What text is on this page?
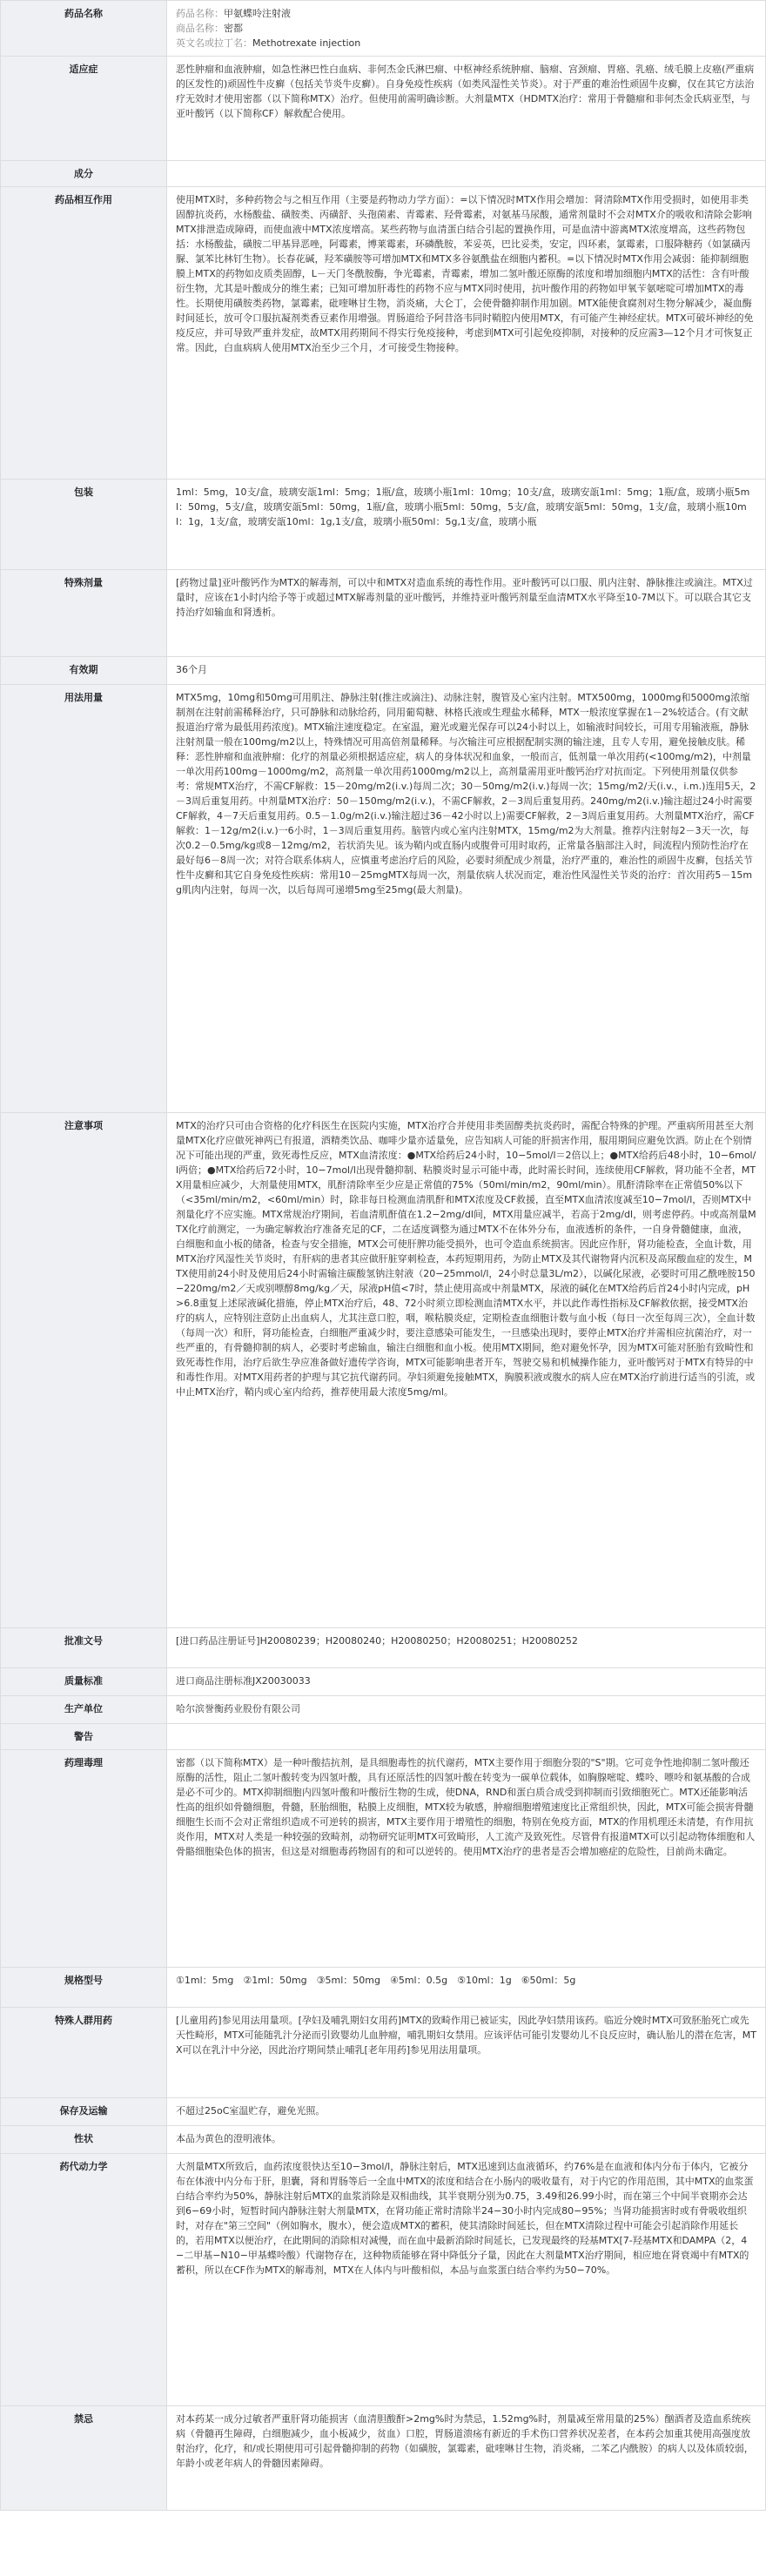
药品名称	药品名称：甲氨蝶呤注射液
商品名称：密都
英文名或拉丁名：Methotrexate injection

适应症	恶性肿瘤和血液肿瘤，如急性淋巴性白血病、非何杰金氏淋巴瘤、中枢神经系统肿瘤、脑瘤、宫颈瘤、胃癌、乳癌、绒毛膜上皮癌(严重病的区发性的)顽固性牛皮癣（包括关节炎牛皮癣）。自身免疫性疾病（如类风湿性关节炎）。对于严重的难治性顽固牛皮癣，仅在其它方法治疗无效时才使用密都（以下简称MTX）治疗。但使用前需明确诊断。大剂量MTX（HDMTX治疗：常用于骨髓瘤和非何杰金氏病亚型，与亚叶酸钙（以下简称CF）解救配合使用。

成分	

药品相互作用	使用MTX时，多种药物会与之相互作用（主要是药物动力学方面）：=以下情况时MTX作用会增加：肾清除MTX作用受损时，如使用非类固醇抗炎药，水杨酸盐、磺胺类、丙磺舒、头孢菌素、青霉素、羟骨霉素，对氨基马尿酸，通常剂量时不会对MTX介的吸收和清除会影响MTX排泄造成障碍，而使血液中MTX浓度增高。某些药物与血清蛋白结合引起的置换作用，可是血清中游离MTX浓度增高，这些药物包括：水杨酸盐，磺胺二甲基异恶唑，阿霉素，博莱霉素，环磷酰胺，苯妥英，巴比妥类，安定，四环素，氯霉素，口服降糖药（如氯磺丙脲、氯苯比林钉生物）。长春花碱，羟苯磺胺等可增加MTX和MTX多谷氨酰盐在细胞内蓄积。=以下情况时MTX作用会减弱：能抑制细胞膜上MTX的药物如皮质类固醇，L－天门冬酰胺酶，争光霉素，青霉素，增加二氢叶酸还原酶的浓度和增加细胞内MTX的活性：含有叶酸衍生物，尤其是叶酸成分的维生素；已知可增加肝毒性的药物不应与MTX同时使用，抗叶酸作用的药物如甲氧苄氨嘧啶可增加MTX的毒性。长期使用磺胺类药物，氯霉素，砒喹啉甘生物，消炎痛，大仑丁，会使骨髓抑制作用加剧。MTX能使食腐剂对生物分解减少，凝血酶时间延长，放可令口服抗凝剂类香豆素作用增强。胃肠道给予阿昔洛韦同时鞘腔内使用MTX，有可能产生神经症状。MTX可破坏神经的免疫反应，并可导致严重并发症，故MTX用药期间不得实行免疫接种，考虑到MTX可引起免疫抑制，对接种的反应需3—12个月才可恢复正常。因此，白血病病人使用MTX治至少三个月，才可接受生物接种。

包装	1ml：5mg，10支/盒，玻璃安瓿1ml：5mg；1瓶/盒，玻璃小瓶1ml：10mg；10支/盒，玻璃安瓿1ml：5mg；1瓶/盒，玻璃小瓶5ml：50mg，5支/盒，玻璃安瓿5ml：50mg，1瓶/盒，玻璃小瓶5ml：50mg，5支/盒，玻璃安瓿5ml：50mg，1支/盒，玻璃小瓶10ml：1g，1支/盒，玻璃安瓿10ml：1g,1支/盒，玻璃小瓶50ml：5g,1支/盒，玻璃小瓶

特殊剂量	[药物过量]亚叶酸钙作为MTX的解毒剂，可以中和MTX对造血系统的毒性作用。亚叶酸钙可以口服、肌内注射、静脉推注或滴注。MTX过量时，应该在1小时内给予等于或超过MTX解毒剂量的亚叶酸钙，并维持亚叶酸钙剂量至血清MTX水平降至10-7M以下。可以联合其它支持治疗如输血和肾透析。

有效期	36个月

用法用量	MTX5mg，10mg和50mg可用肌注、静脉注射(推注或滴注)、动脉注射，腹管及心室内注射。MTX500mg，1000mg和5000mg浓缩制剂在注射前需稀释治疗，只可静脉和动脉给药，同用葡萄糖、林格氏液或生理盐水稀释，MTX一般浓度掌握在1－2%较适合。(有文献报道治疗常为最低用药浓度)。MTX输注速度稳定。在室温，避光或避光保存可以24小时以上，如输液时间较长，可用专用输液瓶，静脉注射剂量一般在100mg/m2以上，特殊情况可用高倍剂量稀释。与次输注可应根据配制实测的输注速，且专人专用，避免接触皮肤。稀释：恶性肿瘤和血液肿瘤：化疗的剂量必须根据适应症，病人的身体状况和血象，一般而言，低剂量一单次用药(<100mg/m2)，中剂量一单次用药100mg－1000mg/m2，高剂量一单次用药1000mg/m2以上，高剂量需用亚叶酸钙治疗对抗而定。下列使用剂量仅供参考：常规MTX治疗，不需CF解救：15－20mg/m2(i.v.)每周二次；30－50mg/m2(i.v.)每周一次；15mg/m2/天(i.v.，i.m.)连用5天，2－3周后重复用药。中剂量MTX治疗：50－150mg/m2(i.v.)，不需CF解救，2－3周后重复用药。240mg/m2(i.v.)输注超过24小时需要CF解救，4－7天后重复用药。0.5－1.0g/m2(i.v.)输注超过36－42小时以上)需要CF解救，2－3周后重复用药。大剂量MTX治疗，需CF解救：1－12g/m2(i.v.)一6小时，1－3周后重复用药。脑管内或心室内注射MTX，15mg/m2为大剂量。推荐内注射每2－3天一次，每次0.2－0.5mg/kg或8－12mg/m2，若状消失见。该为鞘内或直肠内或腹骨可用时取药，正常量各脑部注入时，间流程内预防性治疗在最好每6－8周一次；对符合联系体病人，应慎重考虑治疗后的风险，必要时须配成少剂量，治疗严重的，难治性的顽固牛皮癣，包括关节性牛皮癣和其它自身免疫性疾病：常用10－25mgMTX每周一次，剂量依病人状况而定，难治性风湿性关节炎的治疗：首次用药5－15mg肌肉内注射，每周一次，以后每周可递增5mg至25mg(最大剂量)。

注意事项	MTX的治疗只可由合资格的化疗科医生在医院内实施，MTX治疗合并使用非类固醇类抗炎药时，需配合特殊的护理。严重病所用甚至大剂量MTX化疗应做死神两已有报道，酒精类饮品、咖啡少量亦适量免，应告知病人可能的肝损害作用，服用期间应避免饮酒。防止在个别情况下可能出现的严重，致死毒性反应，MTX血清浓度：●MTX给药后24小时，10−5mol/l＝2倍以上；●MTX给药后48小时，10−6mol/l两倍；●MTX给药后72小时，10−7mol/l出现骨髓抑制、粘膜炎时显示可能中毒，此时需长时间，连续使用CF解救，肾功能不全者，MTX用量相应减少，大剂量使用MTX，肌酐清除率至少应是正常值的75%（50ml/min/m2，90ml/min）。肌酐清除率在正常值50%以下（<35ml/min/m2，<60ml/min）时，除非每日检测血清肌酐和MTX浓度及CF救援，直至MTX血清浓度减至10−7mol/l，否则MTX中剂量化疗不应实施。MTX常规治疗期间，若血清肌酐值在1.2−2mg/dl间，MTX用量应减半，若高于2mg/dl，则考虑停药。中或高剂量MTX化疗前测定，一为确定解救治疗准备充足的CF，二在适度调整为通过MTX不在体外分布，血液透析的条件，一自身骨髓健康，血液，白细胞和血小板的储备，检查与安全措施，MTX会可使肝脾功能受损外，也可令造血系统损害。因此应作肝，肾功能检查，全血计数，用MTX治疗风湿性关节炎时，有肝病的患者其应做肝脏穿刺检查，本药短期用药，为防止MTX及其代谢物肾内沉积及高尿酸血症的发生，MTX使用前24小时及使用后24小时需输注碳酸氢钠注射液（20−25mmol/l，24小时总量3L/m2），以碱化尿液，必要时可用乙酰唑胺150−220mg/m2／天或别嘌醇8mg/kg／天，尿液pH值<7时，禁止使用高或中剂量MTX，尿液的碱化在MTX给药后首24小时内完成，pH>6.8重复上述尿液碱化措施，停止MTX治疗后，48、72小时须立即检测血清MTX水平，并以此作毒性指标及CF解救依据，接受MTX治疗的病人，应特别注意防止出血病人，尤其注意口腔，咽，喉粘膜炎症，定期检查血细胞计数与血小板（每日一次至每周三次），全血计数（每周一次）和肝，肾功能检查，白细胞严重减少时，要注意感染可能发生，一旦感染出现时，要停止MTX治疗并需相应抗菌治疗，对一些严重的，有骨髓抑制的病人，必要时考虑输血，输注白细胞和血小板。使用MTX期间，绝对避免怀孕，因为MTX可能对胚胎有致畸性和致死毒性作用，治疗后欲生孕应准备做好遗传学咨询，MTX可能影响患者开车，驾驶交易和机械操作能力，亚叶酸钙对于MTX有特异的中和毒性作用。对MTX用药者的护理与其它抗代谢药同。孕妇须避免接触MTX，胸膜积液或腹水的病人应在MTX治疗前进行适当的引流，或中止MTX治疗，鞘内或心室内给药，推荐使用最大浓度5mg/ml。

批准文号	[进口药品注册证号]H20080239；H20080240；H20080250；H20080251；H20080252

质量标准	进口商品注册标准JX20030033

生产单位	哈尔滨誉衡药业股份有限公司

警告	

药理毒理	密都（以下简称MTX）是一种叶酸拮抗剂，是具细胞毒性的抗代谢药，MTX主要作用于细胞分裂的"S"期。它可竞争性地抑制二氢叶酸还原酶的活性，阻止二氢叶酸转变为四氢叶酸，具有还原活性的四氢叶酸在转变为一碳单位载体，如胸腺嘧啶、蝶呤、嘌呤和氨基酸的合成是必不可少的。MTX抑制细胞内四氢叶酸和叶酸衍生物的生成，使DNA，RND和蛋白质合成受到抑制而引致细胞死亡。MTX还能影响活性高的组织如骨髓细胞，骨髓，胚胎细胞，粘膜上皮细胞，MTX较为敏感，肿瘤细胞增殖速度比正常组织快，因此，MTX可能会损害骨髓细胞生长而不会对正常组织造成不可逆转的损害，MTX主要作用于增殖性的细胞，特别在免疫方面，MTX的作用机理还未清楚，有作用抗炎作用，MTX对人类是一种较强的致畸剂，动物研究证明MTX可致畸形，人工流产及致死性。尽管骨有报道MTX可以引起动物体细胞和人骨骼细胞染色体的损害，但这是对细胞毒药物固有的和可以逆转的。使用MTX治疗的患者是否会增加癌症的危险性，目前尚未确定。

规格型号	①1ml：5mg　②1ml：50mg　③5ml：50mg　④5ml：0.5g　⑤10ml：1g　⑥50ml：5g

特殊人群用药	[儿童用药]参见用法用量项。[孕妇及哺乳期妇女用药]MTX的致畸作用已被证实，因此孕妇禁用该药。临近分娩时MTX可致胚胎死亡或先天性畸形，MTX可能随乳汁分泌而引致婴幼儿血肿瘤，哺乳期妇女禁用。应该评估可能引发婴幼儿不良反应时，确认胎儿的潜在危害，MTX可以在乳汁中分泌，因此治疗期间禁止哺乳[老年用药]参见用法用量项。

保存及运输	不超过25oC室温贮存，避免光照。

性状	本品为黄色的澄明液体。

药代动力学	大剂量MTX所致后，血药浓度很快达至10−3mol/l，静脉注射后，MTX迅速到达血液循环，约76%是在血液和体内分布于体内，它被分布在体液中内分布于肝，胆囊，肾和胃肠等后一全血中MTX的浓度和结合在小肠内的吸收量有，对于内它的作用范围，其中MTX的血浆蛋白结合率约为50%，静脉注射后MTX的血浆消除是双相曲线，其半衰期分别为0.75，3.49和26.99小时，而在第三个中间半衰期亦会达到6−69小时，短暂时间内静脉注射大剂量MTX，在肾功能正常时清除半24−30小时内完成80−95%；当肾功能损害时或有骨吸收组织时，对存在"第三空间"（例如胸水，腹水），便会造成MTX的蓄积，使其清除时间延长，但在MTX清除过程中可能会引起消除作用延长的，若用MTX以便治疗，在此期间的消除相对减慢，而在血中最新消除时间延长，已发现最终的羟基MTX[7-羟基MTX和DAMPA（2，4−二甲基−N10−甲基蝶呤酸）代谢物存在，这种物质能够在肾中降低分子量，因此在大剂量MTX治疗期间，相应地在肾衰竭中有MTX的蓄积，所以在CF作为MTX的解毒剂，MTX在人体内与叶酸相似，本品与血浆蛋白结合率约为50−70%。

禁忌	对本药某一成分过敏者严重肝肾功能损害（血清胆酸酐>2mg%时为禁忌，1.52mg%时，剂量减至常用量的25%）酗酒者及造血系统疾病（骨髓再生障碍，白细胞减少，血小板减少，贫血）口腔，胃肠道溃疡有新近的手术伤口营养状况差者，在本药会加重其使用高强度放射治疗，化疗，和/或长期使用可引起骨髓抑制的药物（如磺胺，氯霉素，砒喹啉甘生物，消炎痛，二苯乙内酰胺）的病人以及体质较弱，年龄小或老年病人的骨髓因素障碍。
